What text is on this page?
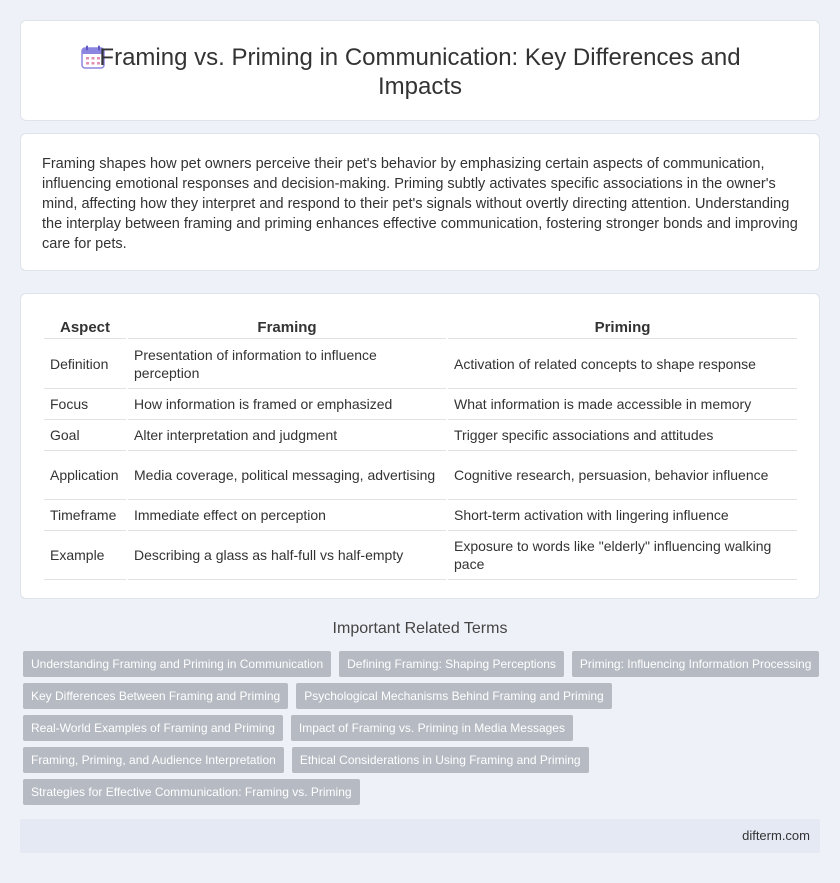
Framing vs. Priming in Communication: Key Differences and Impacts

Framing shapes how pet owners perceive their pet's behavior by emphasizing certain aspects of communication, influencing emotional responses and decision-making. Priming subtly activates specific associations in the owner's mind, affecting how they interpret and respond to their pet's signals without overtly directing attention. Understanding the interplay between framing and priming enhances effective communication, fostering stronger bonds and improving care for pets.

Aspect	Framing	Priming
Definition	Presentation of information to influence perception	Activation of related concepts to shape response
Focus	How information is framed or emphasized	What information is made accessible in memory
Goal	Alter interpretation and judgment	Trigger specific associations and attitudes
Application	Media coverage, political messaging, advertising	Cognitive research, persuasion, behavior influence
Timeframe	Immediate effect on perception	Short-term activation with lingering influence
Example	Describing a glass as half-full vs half-empty	Exposure to words like "elderly" influencing walking pace
Important Related Terms
Understanding Framing and Priming in Communication	Defining Framing: Shaping Perceptions	Priming: Influencing Information Processing
Key Differences Between Framing and Priming	Psychological Mechanisms Behind Framing and Priming
Real-World Examples of Framing and Priming	Impact of Framing vs. Priming in Media Messages
Framing, Priming, and Audience Interpretation	Ethical Considerations in Using Framing and Priming
Strategies for Effective Communication: Framing vs. Priming
difterm.com
